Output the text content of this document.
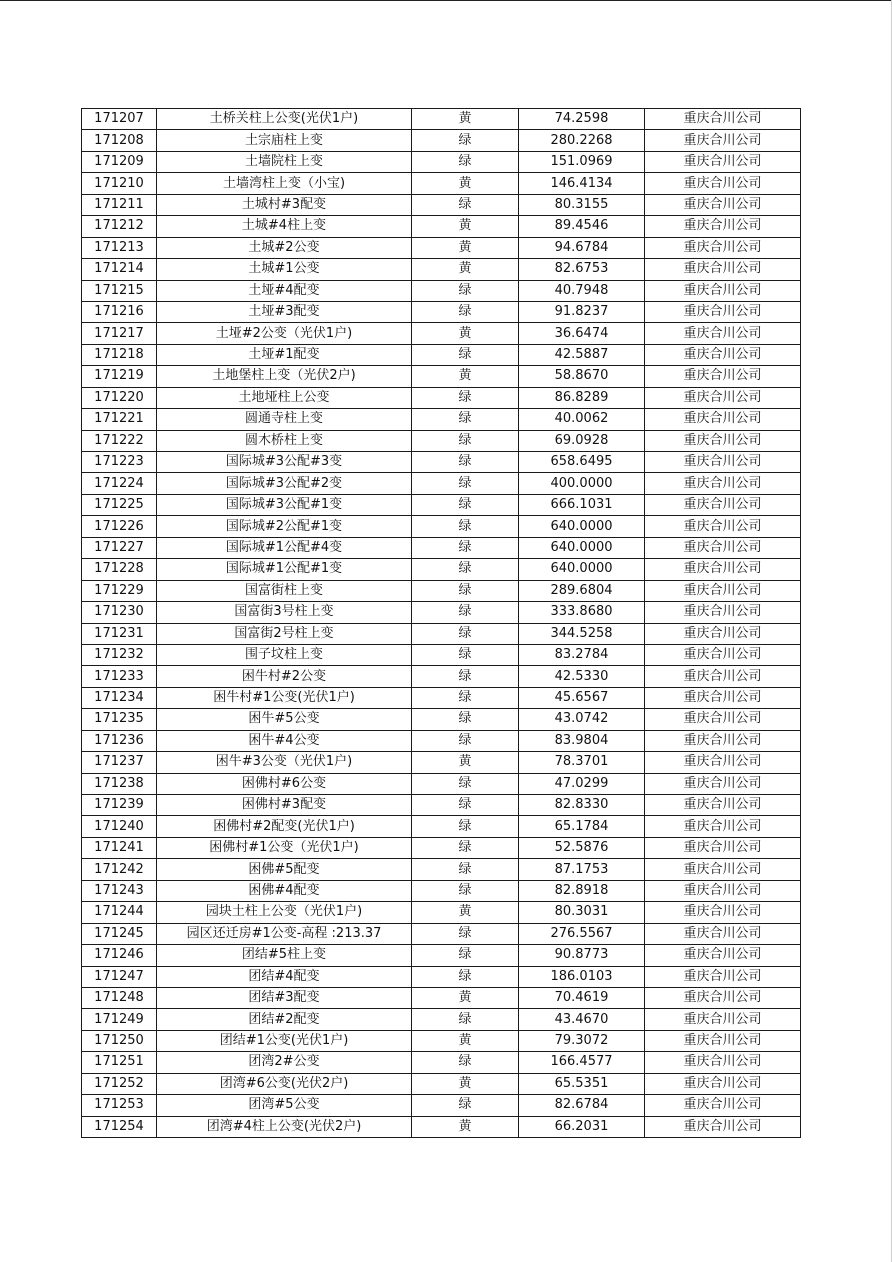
171207	土桥关柱上公变(光伏1户)	黄	74.2598	重庆合川公司
171208	土宗庙柱上变	绿	280.2268	重庆合川公司
171209	土墙院柱上变	绿	151.0969	重庆合川公司
171210	土墙湾柱上变（小宝)	黄	146.4134	重庆合川公司
171211	土城村#3配变	绿	80.3155	重庆合川公司
171212	土城#4柱上变	黄	89.4546	重庆合川公司
171213	土城#2公变	黄	94.6784	重庆合川公司
171214	土城#1公变	黄	82.6753	重庆合川公司
171215	土垭#4配变	绿	40.7948	重庆合川公司
171216	土垭#3配变	绿	91.8237	重庆合川公司
171217	土垭#2公变（光伏1户)	黄	36.6474	重庆合川公司
171218	土垭#1配变	绿	42.5887	重庆合川公司
171219	土地堡柱上变（光伏2户)	黄	58.8670	重庆合川公司
171220	土地垭柱上公变	绿	86.8289	重庆合川公司
171221	圆通寺柱上变	绿	40.0062	重庆合川公司
171222	圆木桥柱上变	绿	69.0928	重庆合川公司
171223	国际城#3公配#3变	绿	658.6495	重庆合川公司
171224	国际城#3公配#2变	绿	400.0000	重庆合川公司
171225	国际城#3公配#1变	绿	666.1031	重庆合川公司
171226	国际城#2公配#1变	绿	640.0000	重庆合川公司
171227	国际城#1公配#4变	绿	640.0000	重庆合川公司
171228	国际城#1公配#1变	绿	640.0000	重庆合川公司
171229	国富街柱上变	绿	289.6804	重庆合川公司
171230	国富街3号柱上变	绿	333.8680	重庆合川公司
171231	国富街2号柱上变	绿	344.5258	重庆合川公司
171232	围子坟柱上变	绿	83.2784	重庆合川公司
171233	困牛村#2公变	绿	42.5330	重庆合川公司
171234	困牛村#1公变(光伏1户)	绿	45.6567	重庆合川公司
171235	困牛#5公变	绿	43.0742	重庆合川公司
171236	困牛#4公变	绿	83.9804	重庆合川公司
171237	困牛#3公变（光伏1户)	黄	78.3701	重庆合川公司
171238	困佛村#6公变	绿	47.0299	重庆合川公司
171239	困佛村#3配变	绿	82.8330	重庆合川公司
171240	困佛村#2配变(光伏1户)	绿	65.1784	重庆合川公司
171241	困佛村#1公变（光伏1户)	绿	52.5876	重庆合川公司
171242	困佛#5配变	绿	87.1753	重庆合川公司
171243	困佛#4配变	绿	82.8918	重庆合川公司
171244	园块土柱上公变（光伏1户)	黄	80.3031	重庆合川公司
171245	园区还迁房#1公变-高程 :213.37	绿	276.5567	重庆合川公司
171246	团结#5柱上变	绿	90.8773	重庆合川公司
171247	团结#4配变	绿	186.0103	重庆合川公司
171248	团结#3配变	黄	70.4619	重庆合川公司
171249	团结#2配变	绿	43.4670	重庆合川公司
171250	团结#1公变(光伏1户)	黄	79.3072	重庆合川公司
171251	团湾2#公变	绿	166.4577	重庆合川公司
171252	团湾#6公变(光伏2户)	黄	65.5351	重庆合川公司
171253	团湾#5公变	绿	82.6784	重庆合川公司
171254	团湾#4柱上公变(光伏2户)	黄	66.2031	重庆合川公司
